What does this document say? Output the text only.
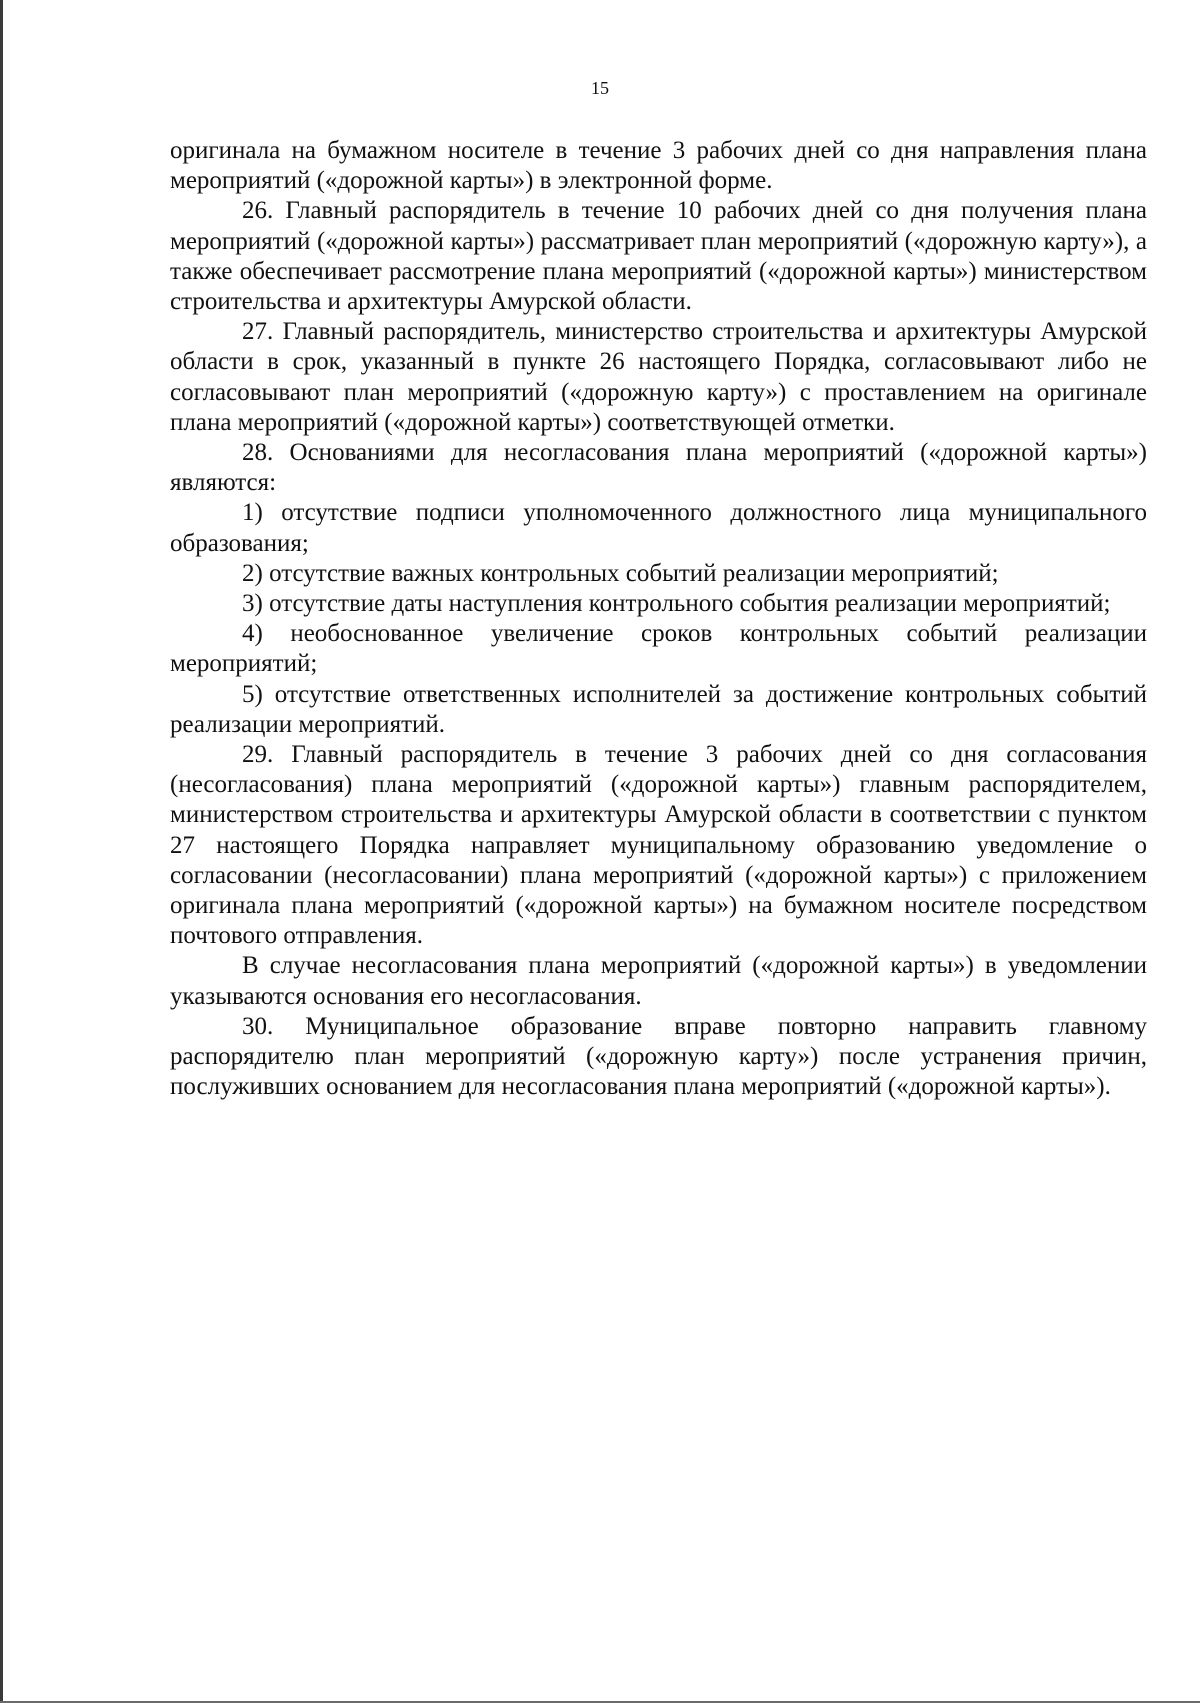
15

оригинала на бумажном носителе в течение 3 рабочих дней со дня направления плана мероприятий («дорожной карты») в электронной форме.

26. Главный распорядитель в течение 10 рабочих дней со дня получения плана мероприятий («дорожной карты») рассматривает план мероприятий («дорожную карту»), а также обеспечивает рассмотрение плана мероприятий («дорожной карты») министерством строительства и архитектуры Амурской области.

27. Главный распорядитель, министерство строительства и архитектуры Амурской области в срок, указанный в пункте 26 настоящего Порядка, согласовывают либо не согласовывают план мероприятий («дорожную карту») с проставлением на оригинале плана мероприятий («дорожной карты») соответствующей отметки.

28. Основаниями для несогласования плана мероприятий («дорожной карты») являются:

1) отсутствие подписи уполномоченного должностного лица муниципального образования;

2) отсутствие важных контрольных событий реализации мероприятий;

3) отсутствие даты наступления контрольного события реализации мероприятий;

4) необоснованное увеличение сроков контрольных событий реализации мероприятий;

5) отсутствие ответственных исполнителей за достижение контрольных событий реализации мероприятий.

29. Главный распорядитель в течение 3 рабочих дней со дня согласования (несогласования) плана мероприятий («дорожной карты») главным распорядителем, министерством строительства и архитектуры Амурской области в соответствии с пунктом 27 настоящего Порядка направляет муниципальному образованию уведомление о согласовании (несогласовании) плана мероприятий («дорожной карты») с приложением оригинала плана мероприятий («дорожной карты») на бумажном носителе посредством почтового отправления.

В случае несогласования плана мероприятий («дорожной карты») в уведомлении указываются основания его несогласования.

30. Муниципальное образование вправе повторно направить главному распорядителю план мероприятий («дорожную карту») после устранения причин, послуживших основанием для несогласования плана мероприятий («дорожной карты»).
